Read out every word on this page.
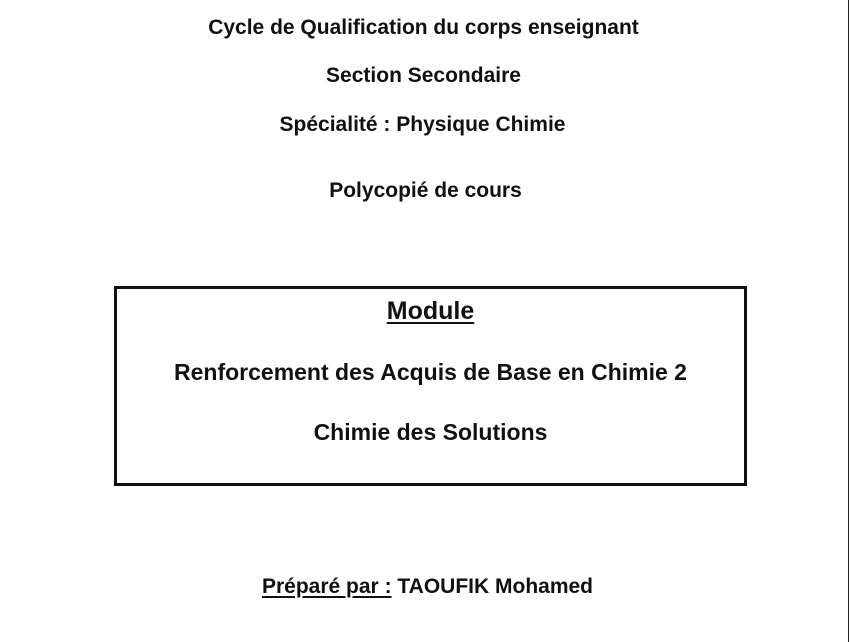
Cycle de Qualification du corps enseignant
Section Secondaire
Spécialité : Physique Chimie
Polycopié de cours
Module
Renforcement des Acquis de Base en Chimie 2
Chimie des Solutions
Préparé par : TAOUFIK Mohamed
